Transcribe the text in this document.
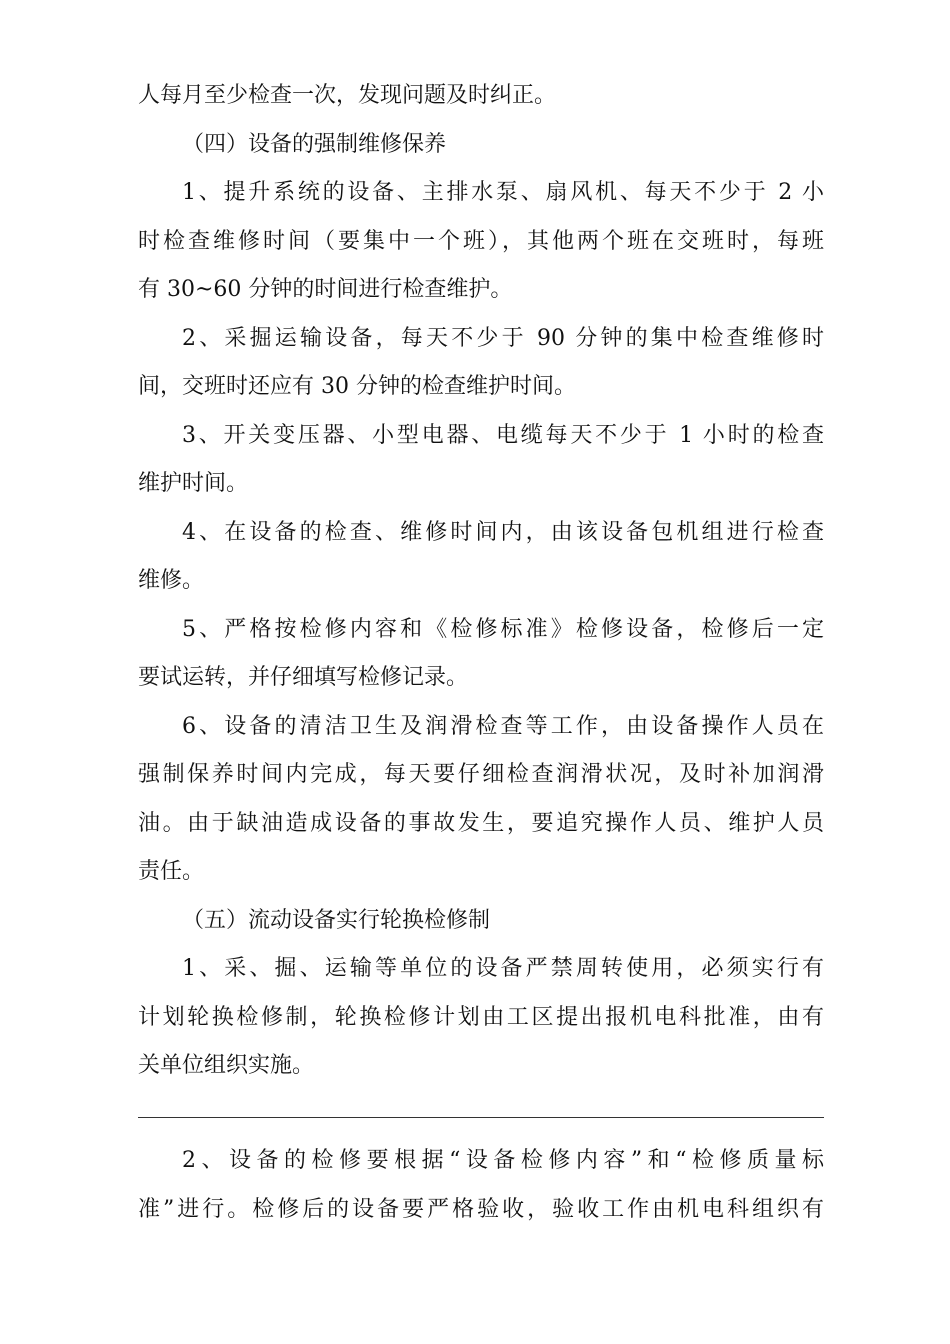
人每月至少检查一次，发现问题及时纠正。
（四）设备的强制维修保养
1、提升系统的设备、主排水泵、扇风机、每天不少于 2 小
时检查维修时间（要集中一个班），其他两个班在交班时，每班
有 30~60 分钟的时间进行检查维护。
2、采掘运输设备，每天不少于 90 分钟的集中检查维修时
间，交班时还应有 30 分钟的检查维护时间。
3、开关变压器、小型电器、电缆每天不少于 1 小时的检查
维护时间。
4、在设备的检查、维修时间内，由该设备包机组进行检查
维修。
5、严格按检修内容和《检修标准》检修设备，检修后一定
要试运转，并仔细填写检修记录。
6、设备的清洁卫生及润滑检查等工作，由设备操作人员在
强制保养时间内完成，每天要仔细检查润滑状况，及时补加润滑
油。由于缺油造成设备的事故发生，要追究操作人员、维护人员
责任。
（五）流动设备实行轮换检修制
1、采、掘、运输等单位的设备严禁周转使用，必须实行有
计划轮换检修制，轮换检修计划由工区提出报机电科批准，由有
关单位组织实施。
2、设备的检修要根据“设备检修内容”和“检修质量标
准”进行。检修后的设备要严格验收，验收工作由机电科组织有
